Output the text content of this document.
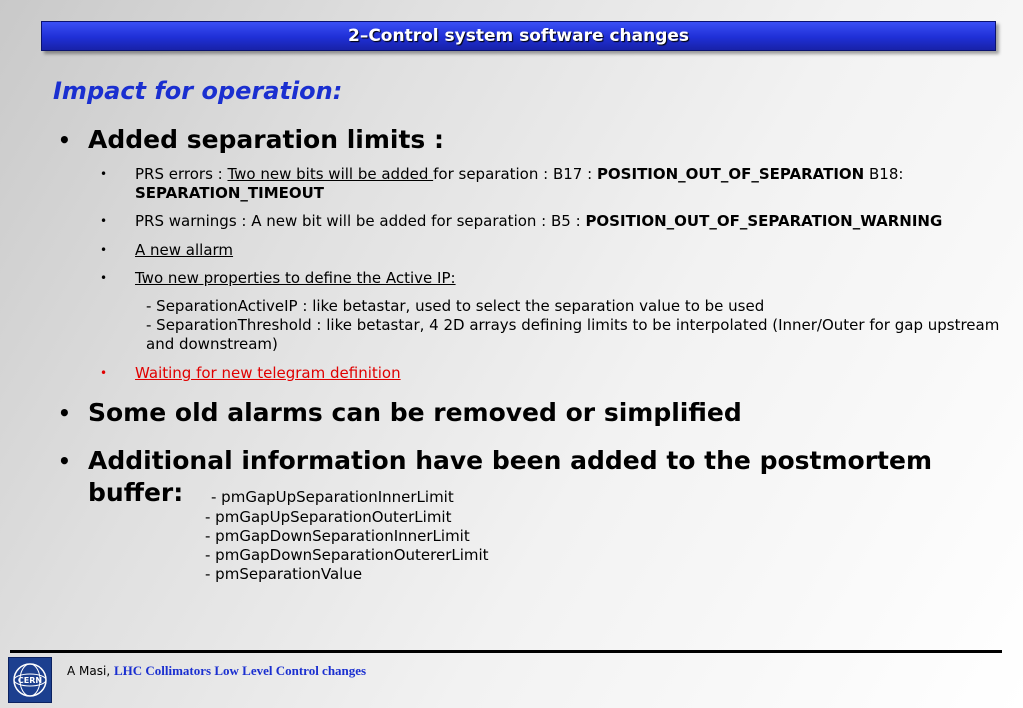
2–Control system software changes
Impact for operation:
• Added separation limits :
• PRS errors : Two new bits will be added for separation : B17 : POSITION_OUT_OF_SEPARATION B18:
SEPARATION_TIMEOUT
• PRS warnings : A new bit will be added for separation : B5 : POSITION_OUT_OF_SEPARATION_WARNING
• A new allarm
• Two new properties to define the Active IP:
- SeparationActiveIP : like betastar, used to select the separation value to be used
- SeparationThreshold : like betastar, 4 2D arrays defining limits to be interpolated (Inner/Outer for gap upstream
and downstream)
• Waiting for new telegram definition
• Some old alarms can be removed or simplified
• Additional information have been added to the postmortem
buffer: - pmGapUpSeparationInnerLimit
- pmGapUpSeparationOuterLimit
- pmGapDownSeparationInnerLimit
- pmGapDownSeparationOutererLimit
- pmSeparationValue
CERN
A Masi, LHC Collimators Low Level Control changes
